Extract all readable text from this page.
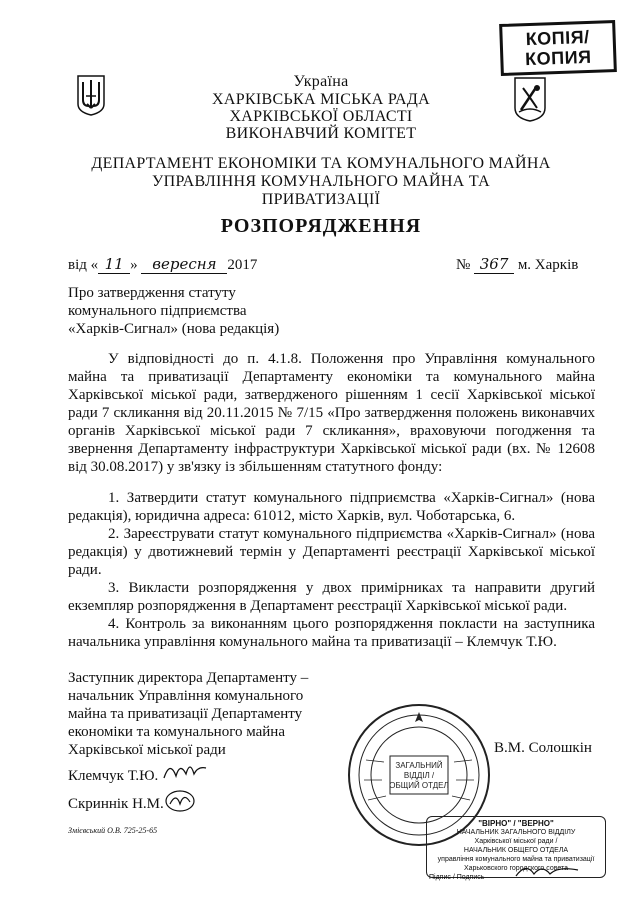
КОПІЯ/
КОПИЯ
Україна
ХАРКІВСЬКА МІСЬКА РАДА
ХАРКІВСЬКОЇ ОБЛАСТІ
ВИКОНАВЧИЙ КОМІТЕТ
ДЕПАРТАМЕНТ ЕКОНОМІКИ ТА КОМУНАЛЬНОГО МАЙНА
УПРАВЛІННЯ КОМУНАЛЬНОГО МАЙНА ТА
ПРИВАТИЗАЦІЇ
РОЗПОРЯДЖЕННЯ
від « 11 » вересня 2017	№ 367 м. Харків
Про затвердження статуту
комунального підприємства
«Харків-Сигнал» (нова редакція)

У відповідності до п. 4.1.8. Положення про Управління комунального майна та приватизації Департаменту економіки та комунального майна Харківської міської ради, затвердженого рішенням 1 сесії Харківської міської ради 7 скликання від 20.11.2015 № 7/15 «Про затвердження положень виконавчих органів Харківської міської ради 7 скликання», враховуючи погодження та звернення Департаменту інфраструктури Харківської міської ради (вх. № 12608 від 30.08.2017) у зв'язку із збільшенням статутного фонду:

1. Затвердити статут комунального підприємства «Харків-Сигнал» (нова редакція), юридична адреса: 61012, місто Харків, вул. Чоботарська, 6.

2. Зареєструвати статут комунального підприємства «Харків-Сигнал» (нова редакція) у двотижневий термін у Департаменті реєстрації Харківської міської ради.

3. Викласти розпорядження у двох примірниках та направити другий екземпляр розпорядження в Департамент реєстрації Харківської міської ради.

4. Контроль за виконанням цього розпорядження покласти на заступника начальника управління комунального майна та приватизації – Клемчук Т.Ю.

Заступник директора Департаменту –
начальник Управління комунального
майна та приватизації Департаменту
економіки та комунального майна
Харківської міської ради	В.М. Солошкін
Клемчук Т.Ю.
Скриннік Н.М.
Змієвський О.В. 725-25-65
ЗАГАЛЬНИЙ
ВІДДІЛ /
ОБЩИЙ ОТДЕЛ
"ВІРНО" / "ВЕРНО"
НАЧАЛЬНИК ЗАГАЛЬНОГО ВІДДІЛУ
Харківської міської ради /
НАЧАЛЬНИК ОБЩЕГО ОТДЕЛА
управління комунального майна та приватизації
Харьковского городского совета
Підпис / Подпись
